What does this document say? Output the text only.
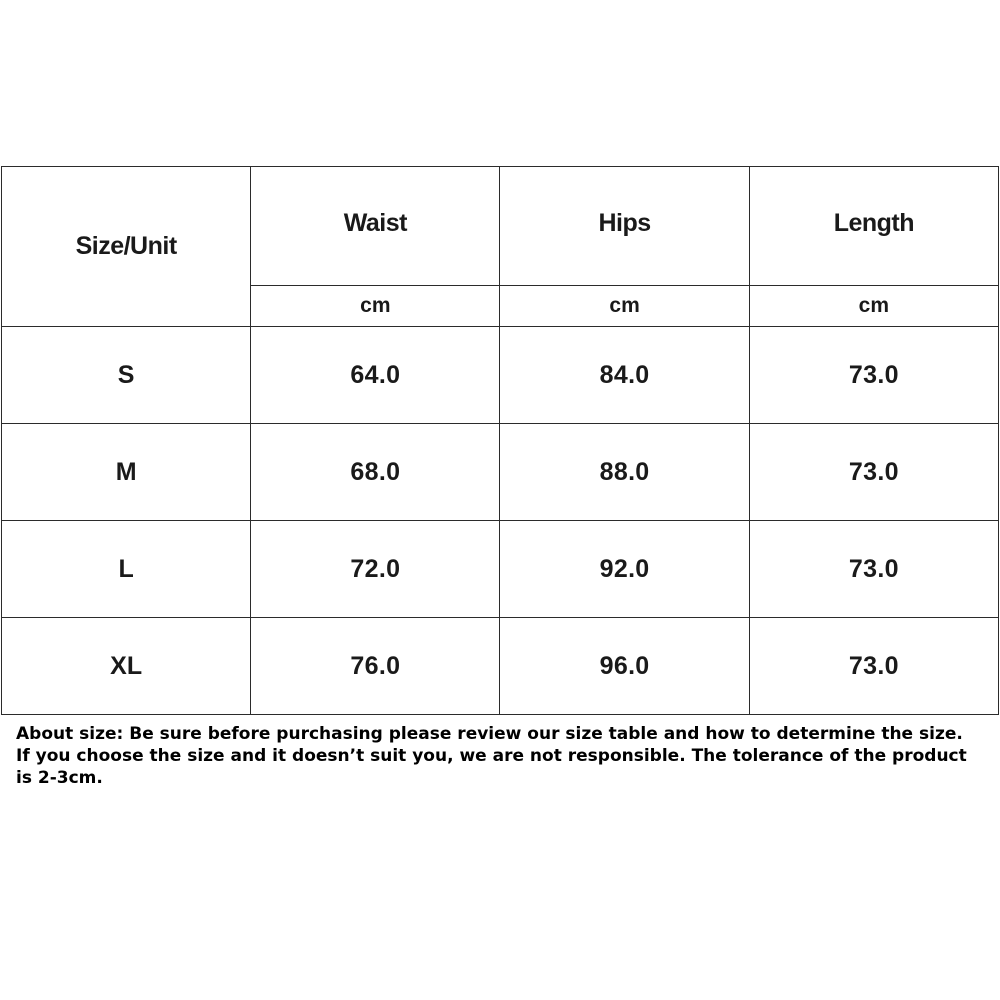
Size/Unit	Waist	Hips	Length
	cm	cm	cm
S	64.0	84.0	73.0
M	68.0	88.0	73.0
L	72.0	92.0	73.0
XL	76.0	96.0	73.0

About size: Be sure before purchasing please review our size table and how to determine the size.
If you choose the size and it doesn’t suit you, we are not responsible. The tolerance of the product
is 2-3cm.
